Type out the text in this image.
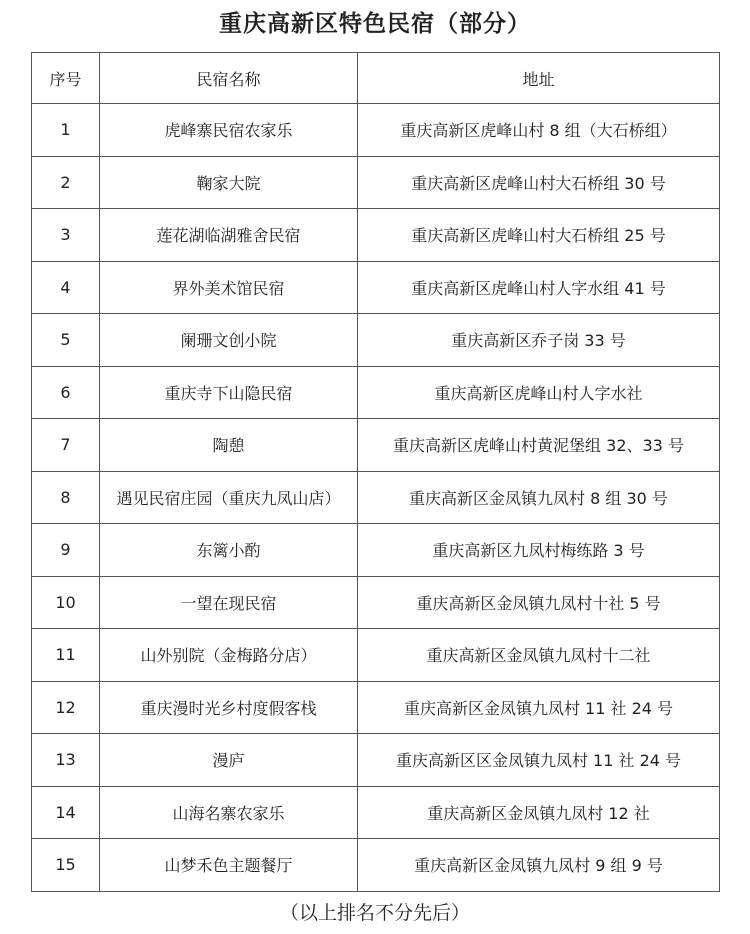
重庆高新区特色民宿（部分）
序号	民宿名称	地址
1	虎峰寨民宿农家乐	重庆高新区虎峰山村 8 组（大石桥组）
2	鞠家大院	重庆高新区虎峰山村大石桥组 30 号
3	莲花湖临湖雅舍民宿	重庆高新区虎峰山村大石桥组 25 号
4	界外美术馆民宿	重庆高新区虎峰山村人字水组 41 号
5	阑珊文创小院	重庆高新区乔子岗 33 号
6	重庆寺下山隐民宿	重庆高新区虎峰山村人字水社
7	陶憩	重庆高新区虎峰山村黄泥堡组 32、33 号
8	遇见民宿庄园（重庆九凤山店）	重庆高新区金凤镇九凤村 8 组 30 号
9	东篱小酌	重庆高新区九凤村梅练路 3 号
10	一望在现民宿	重庆高新区金凤镇九凤村十社 5 号
11	山外别院（金梅路分店）	重庆高新区金凤镇九凤村十二社
12	重庆漫时光乡村度假客栈	重庆高新区金凤镇九凤村 11 社 24 号
13	漫庐	重庆高新区区金凤镇九凤村 11 社 24 号
14	山海名寨农家乐	重庆高新区金凤镇九凤村 12 社
15	山梦禾色主题餐厅	重庆高新区金凤镇九凤村 9 组 9 号
（以上排名不分先后）
